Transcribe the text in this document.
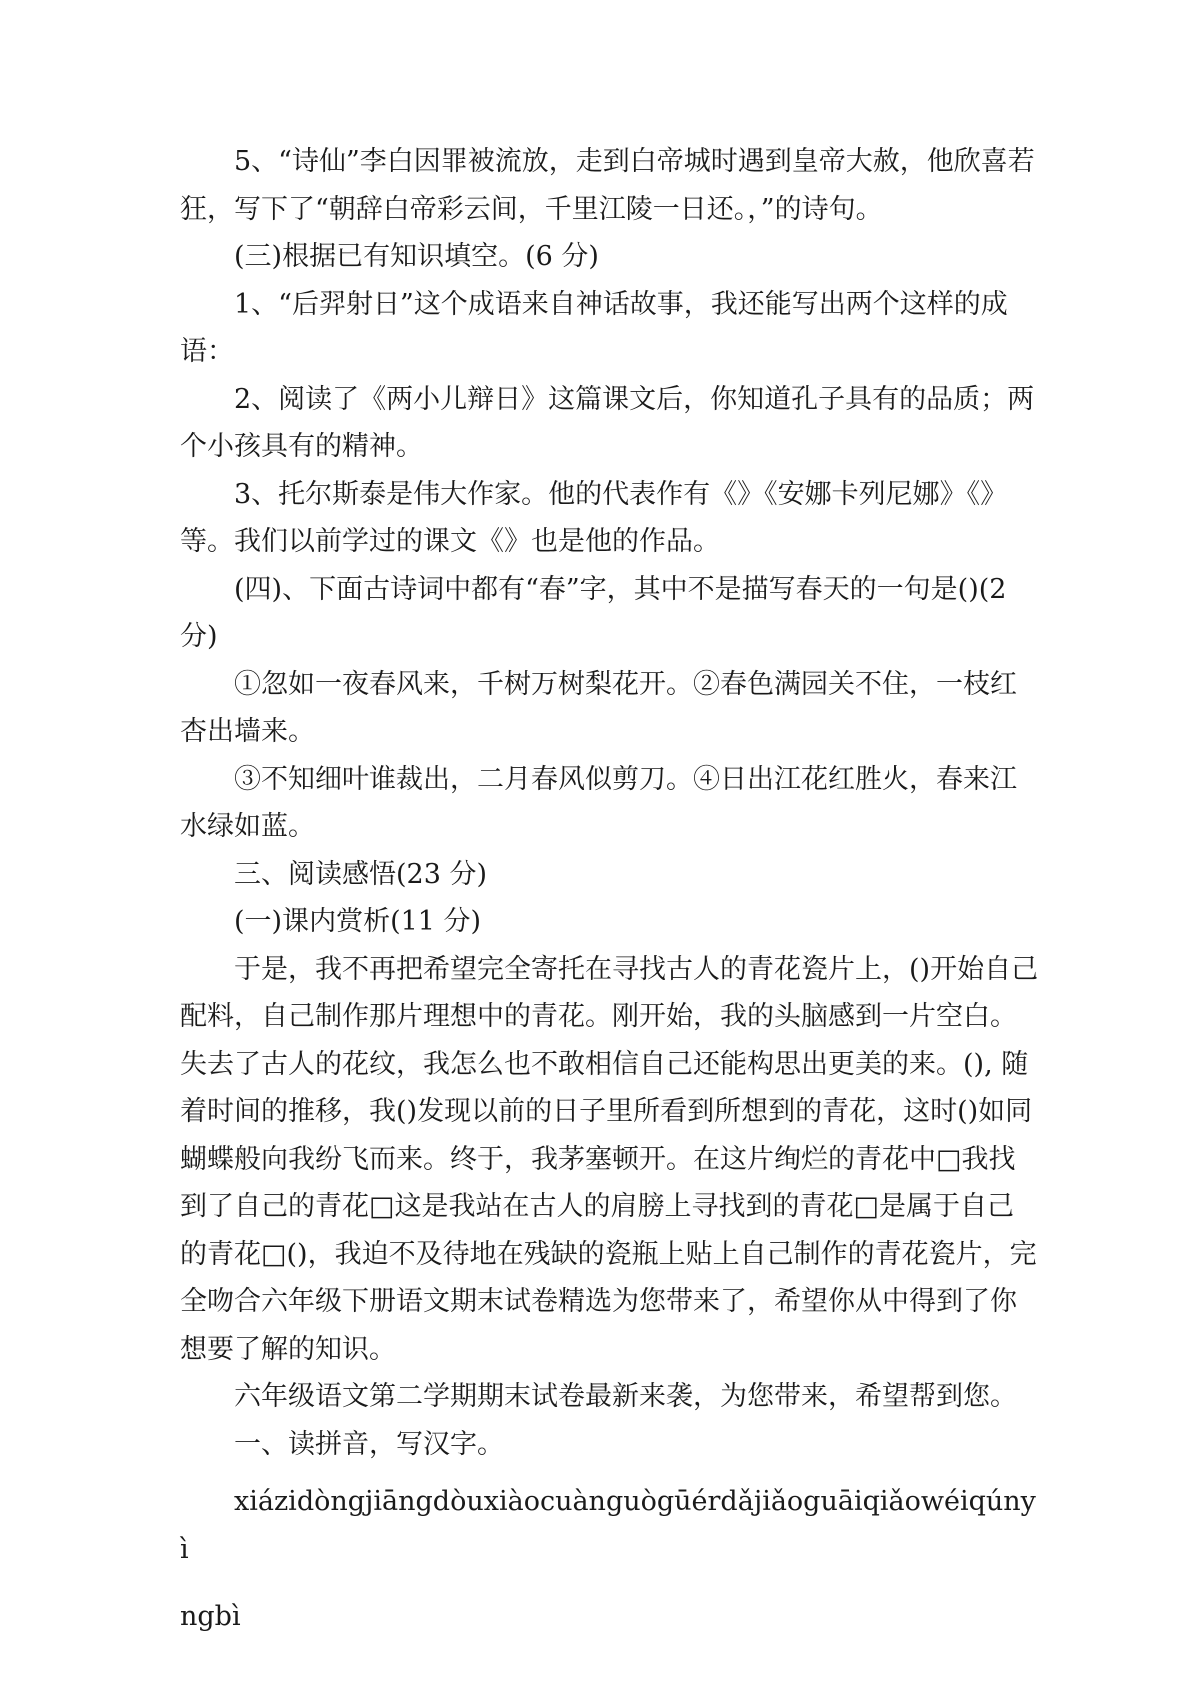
5、“诗仙”李白因罪被流放，走到白帝城时遇到皇帝大赦，他欣喜若狂，写下了“朝辞白帝彩云间，千里江陵一日还。，”的诗句。

(三)根据已有知识填空。(6 分)

1、“后羿射日”这个成语来自神话故事，我还能写出两个这样的成语：

2、阅读了《两小儿辩日》这篇课文后，你知道孔子具有的品质；两个小孩具有的精神。

3、托尔斯泰是伟大作家。他的代表作有《》《安娜卡列尼娜》《》等。我们以前学过的课文《》也是他的作品。

(四)、下面古诗词中都有“春”字，其中不是描写春天的一句是()(2分)

①忽如一夜春风来，千树万树梨花开。②春色满园关不住，一枝红杏出墙来。

③不知细叶谁裁出，二月春风似剪刀。④日出江花红胜火，春来江水绿如蓝。

三、阅读感悟(23 分)

(一)课内赏析(11 分)

于是，我不再把希望完全寄托在寻找古人的青花瓷片上，()开始自己配料，自己制作那片理想中的青花。刚开始，我的头脑感到一片空白。失去了古人的花纹，我怎么也不敢相信自己还能构思出更美的来。(), 随着时间的推移，我()发现以前的日子里所看到所想到的青花，这时()如同蝴蝶般向我纷飞而来。终于，我茅塞顿开。在这片绚烂的青花中□我找到了自己的青花□这是我站在古人的肩膀上寻找到的青花□是属于自己的青花□()，我迫不及待地在残缺的瓷瓶上贴上自己制作的青花瓷片，完全吻合六年级下册语文期末试卷精选为您带来了，希望你从中得到了你想要了解的知识。

六年级语文第二学期期末试卷最新来袭，为您带来，希望帮到您。

一、读拼音，写汉字。

xiázidòngjiāngdòuxiàocuànguògūérdǎjiǎoguāiqiǎowéiqúnyì

ngbì
